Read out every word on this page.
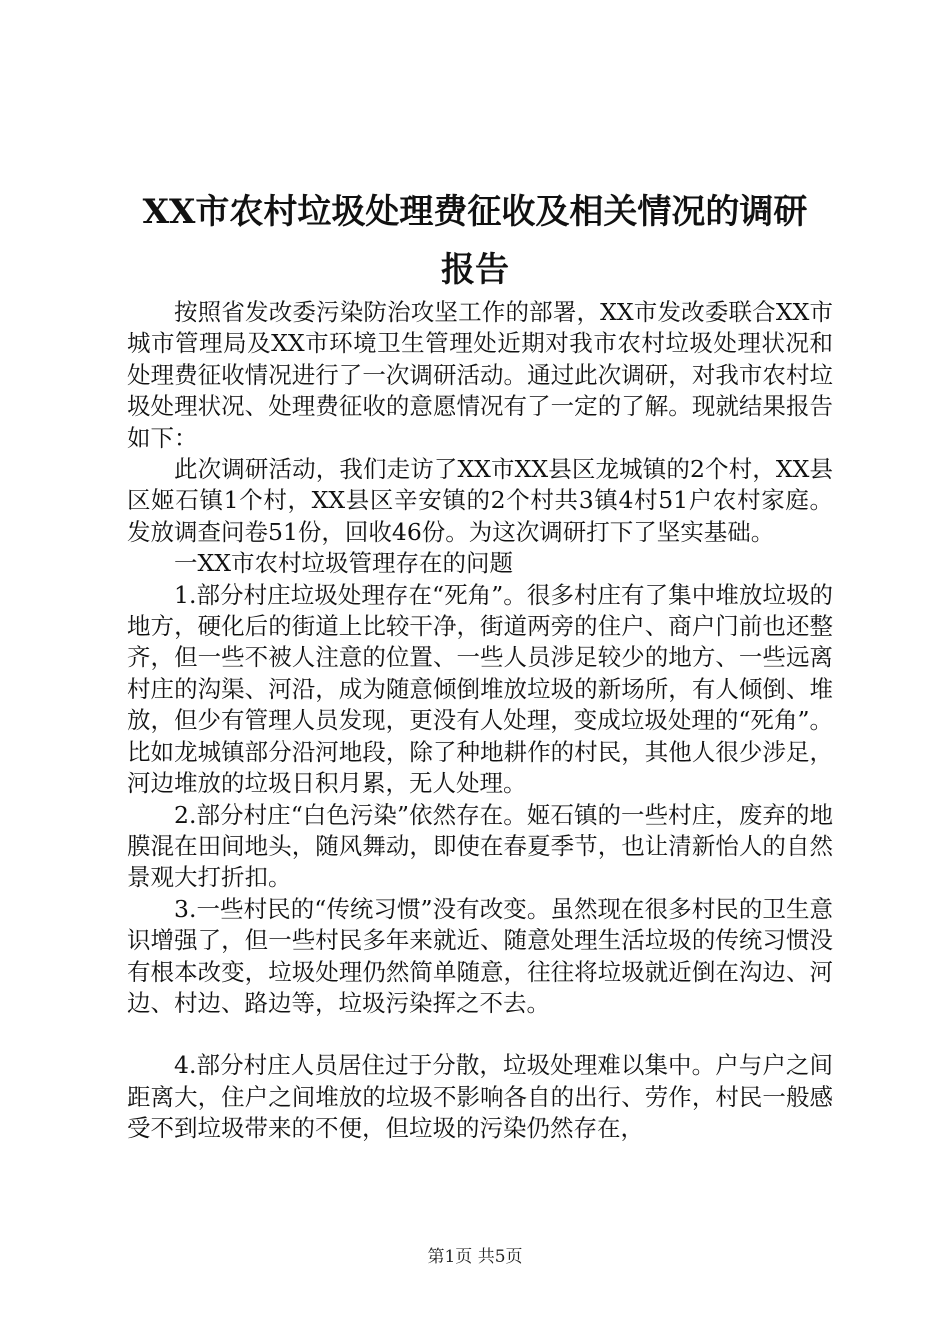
XX市农村垃圾处理费征收及相关情况的调研
报告

按照省发改委污染防治攻坚工作的部署，XX市发改委联合XX市城市管理局及XX市环境卫生管理处近期对我市农村垃圾处理状况和处理费征收情况进行了一次调研活动。通过此次调研，对我市农村垃圾处理状况、处理费征收的意愿情况有了一定的了解。现就结果报告如下：

此次调研活动，我们走访了XX市XX县区龙城镇的2个村，XX县区姬石镇1个村，XX县区辛安镇的2个村共3镇4村51户农村家庭。发放调查问卷51份，回收46份。为这次调研打下了坚实基础。

一XX市农村垃圾管理存在的问题

1.部分村庄垃圾处理存在“死角”。很多村庄有了集中堆放垃圾的地方，硬化后的街道上比较干净，街道两旁的住户、商户门前也还整齐，但一些不被人注意的位置、一些人员涉足较少的地方、一些远离村庄的沟渠、河沿，成为随意倾倒堆放垃圾的新场所，有人倾倒、堆放，但少有管理人员发现，更没有人处理，变成垃圾处理的“死角”。比如龙城镇部分沿河地段，除了种地耕作的村民，其他人很少涉足，河边堆放的垃圾日积月累，无人处理。

2.部分村庄“白色污染”依然存在。姬石镇的一些村庄，废弃的地膜混在田间地头，随风舞动，即使在春夏季节，也让清新怡人的自然景观大打折扣。

3.一些村民的“传统习惯”没有改变。虽然现在很多村民的卫生意识增强了，但一些村民多年来就近、随意处理生活垃圾的传统习惯没有根本改变，垃圾处理仍然简单随意，往往将垃圾就近倒在沟边、河边、村边、路边等，垃圾污染挥之不去。

4.部分村庄人员居住过于分散，垃圾处理难以集中。户与户之间距离大，住户之间堆放的垃圾不影响各自的出行、劳作，村民一般感受不到垃圾带来的不便，但垃圾的污染仍然存在，

第1页 共5页
